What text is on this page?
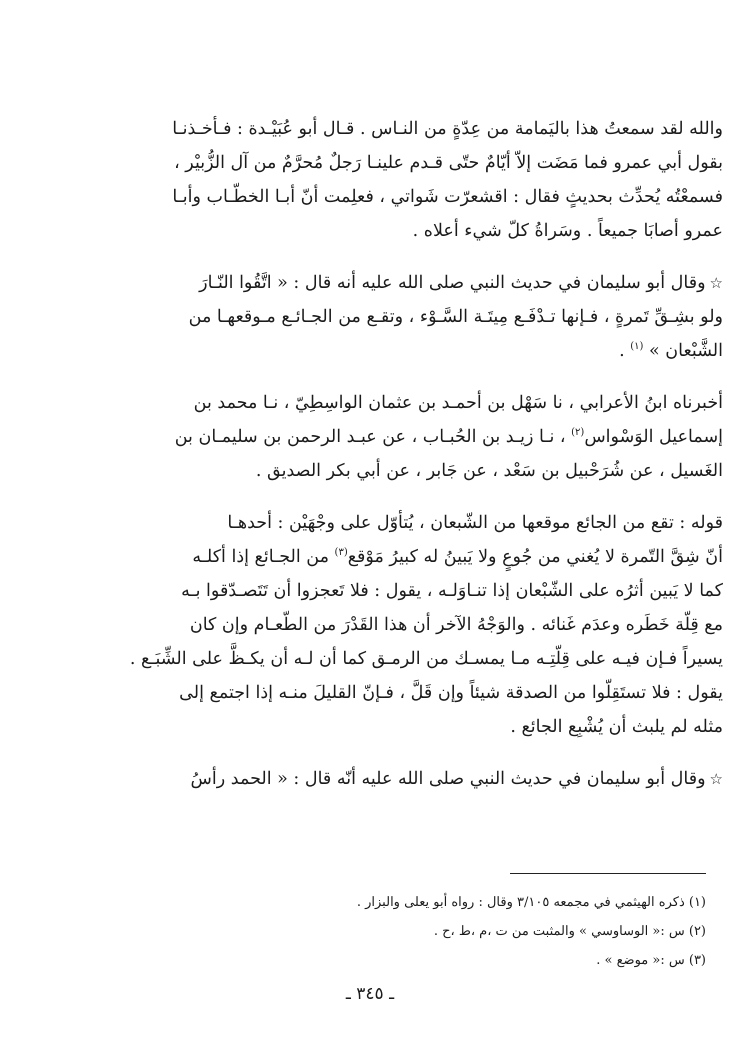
والله لقد سمعتُ هذا باليَمامة من عِدّةٍ من النـاس . قـال أبو عُبَيْـدة : فـأخـذنـا
بقول أبي عمرو فما مَضَت إلاّ أيّامٌ حتّى قـدم علينـا رَجلٌ مُحرَّمٌ من آل الزُّبيْر ،
فسمعْتُه يُحدِّث بحديثٍ فقال : اقشعرّت شَواتي ، فعلِمت أنّ أبـا الخطّـاب وأبـا
عمرو أصابَا جميعاً . وسَراةُ كلّ شيء أعلاه .

☆وقال أبو سليمان في حديث النبي صلى الله عليه أنه قال : « اتَّقُوا النّـارَ
ولو بشِـقِّ تَمرةٍ ، فـإنها تـدْفَـع مِيتَـة السَّـوْء ، وتقـع من الجـائـع مـوقعهـا من
الشَّبْعان » $^{(١)}$ .

أخبرناه ابنُ الأعرابي ، نا سَهْل بن أحمـد بن عثمان الواسِطِيّ ، نـا محمد بن
إسماعيل الوَسْواس$^{(٢)}$ ، نـا زيـد بن الحُبـاب ، عن عبـد الرحمن بن سليمـان بن
الغَسيل ، عن شُرَحْبيل بن سَعْد ، عن جَابر ، عن أبي بكر الصديق .

قوله : تقع من الجائع موقعها من الشّبعان ، يُتأوّل على وجْهَيْن : أحدهـا
أنّ شِقَّ التّمرة لا يُغني من جُوعٍ ولا يَبينُ له كبيرُ مَوْقع$^{(٣)}$ من الجـائع إذا أكلـه
كما لا يَبين أثرُه على الشّبْعان إذا تنـاوَلـه ، يقول : فلا تَعجزوا أن تَتَصـدّقوا بـه
مع قِلّة خَطَره وعدَم غَنائه . والوَجْهُ الآخر أن هذا القَدْرَ من الطّعـام وإن كان
يسيراً فـإن فيـه على قِلّتِـه مـا يمسـك من الرمـق كما أن لـه أن يكـظَّ على الشِّبَـع .
يقول : فلا تستَقِلّوا من الصدقة شيئاً وإن قَلَّ ، فـإنّ القليلَ منـه إذا اجتمع إلى
مثله لم يلبث أن يُشْبِع الجائع .

☆وقال أبو سليمان في حديث النبي صلى الله عليه أنّه قال : « الحمد رأسُ

(١) ذكره الهيثمي في مجمعه ٣/١٠٥ وقال : رواه أبو يعلى والبزار .
(٢) س :« الوساوسي » والمثبت من ت ،م ،ط ،ح .
(٣) س :« موضع » .
ـ ٣٤٥ ـ
